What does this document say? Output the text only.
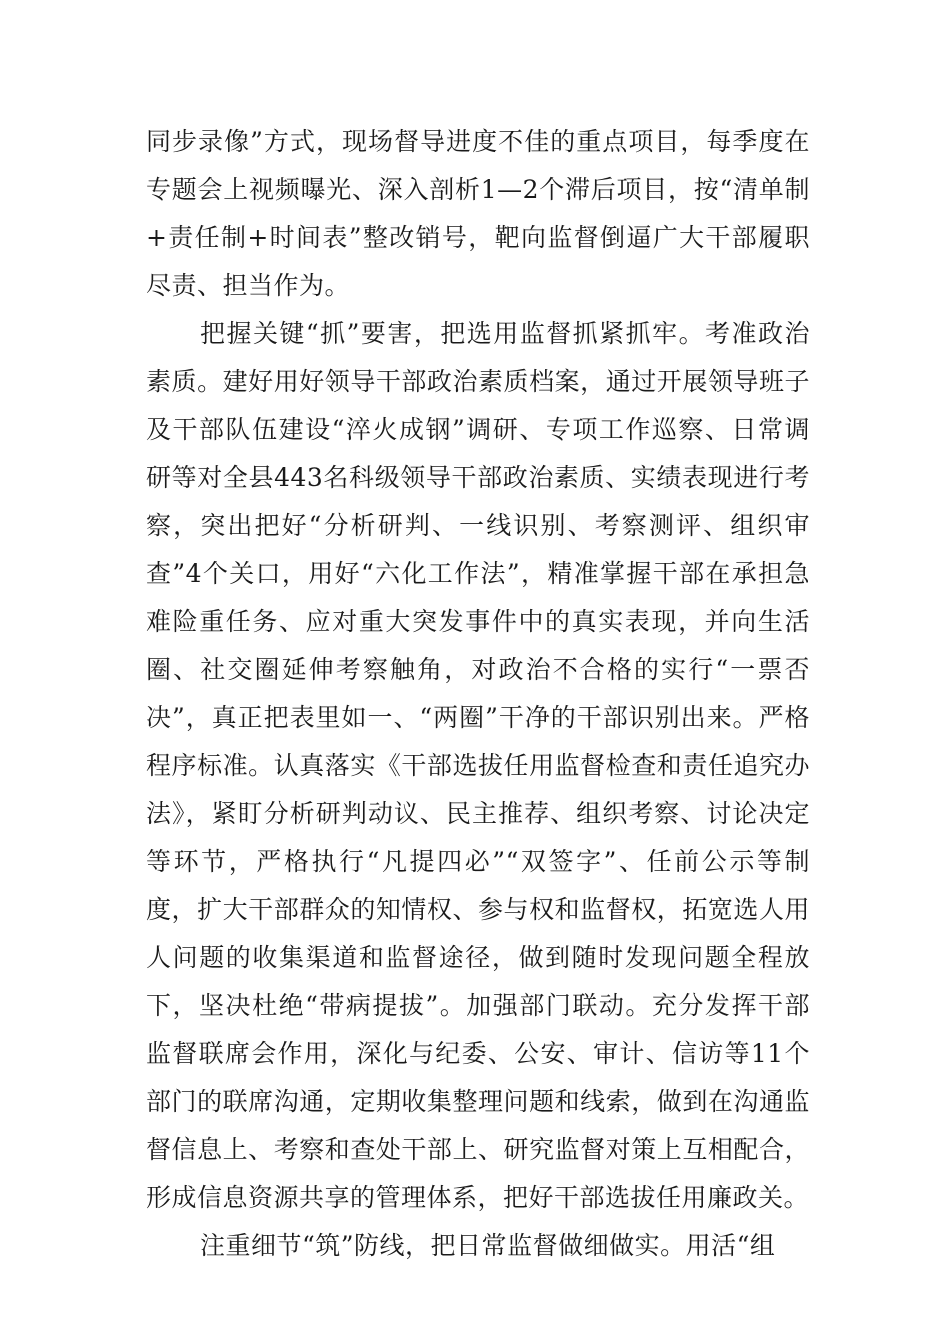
同步录像”方式，现场督导进度不佳的重点项目，每季度在专题会上视频曝光、深入剖析1—2个滞后项目，按“清单制+责任制+时间表”整改销号，靶向监督倒逼广大干部履职尽责、担当作为。

把握关键“抓”要害，把选用监督抓紧抓牢。考准政治素质。建好用好领导干部政治素质档案，通过开展领导班子及干部队伍建设“淬火成钢”调研、专项工作巡察、日常调研等对全县443名科级领导干部政治素质、实绩表现进行考察，突出把好“分析研判、一线识别、考察测评、组织审查”4个关口，用好“六化工作法”，精准掌握干部在承担急难险重任务、应对重大突发事件中的真实表现，并向生活圈、社交圈延伸考察触角，对政治不合格的实行“一票否决”，真正把表里如一、“两圈”干净的干部识别出来。严格程序标准。认真落实《干部选拔任用监督检查和责任追究办法》，紧盯分析研判动议、民主推荐、组织考察、讨论决定等环节，严格执行“凡提四必”“双签字”、任前公示等制度，扩大干部群众的知情权、参与权和监督权，拓宽选人用人问题的收集渠道和监督途径，做到随时发现问题全程放下，坚决杜绝“带病提拔”。加强部门联动。充分发挥干部监督联席会作用，深化与纪委、公安、审计、信访等11个部门的联席沟通，定期收集整理问题和线索，做到在沟通监督信息上、考察和查处干部上、研究监督对策上互相配合，形成信息资源共享的管理体系，把好干部选拔任用廉政关。

注重细节“筑”防线，把日常监督做细做实。用活“组
